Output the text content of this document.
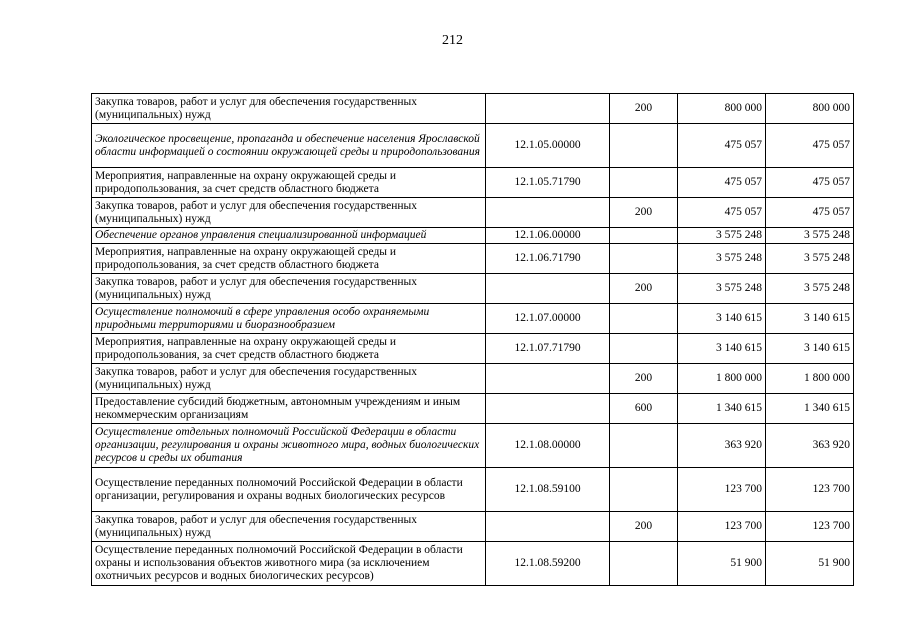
212
Закупка товаров, работ и услуг для обеспечения государственных (муниципальных) нужд		200	800 000	800 000
Экологическое просвещение, пропаганда и обеспечение населения Ярославской области информацией о состоянии окружающей среды и природопользования	12.1.05.00000		475 057	475 057
Мероприятия, направленные на охрану окружающей среды и природопользования, за счет средств областного бюджета	12.1.05.71790		475 057	475 057
Закупка товаров, работ и услуг для обеспечения государственных (муниципальных) нужд		200	475 057	475 057
Обеспечение органов управления специализированной информацией	12.1.06.00000		3 575 248	3 575 248
Мероприятия, направленные на охрану окружающей среды и природопользования, за счет средств областного бюджета	12.1.06.71790		3 575 248	3 575 248
Закупка товаров, работ и услуг для обеспечения государственных (муниципальных) нужд		200	3 575 248	3 575 248
Осуществление полномочий в сфере управления особо охраняемыми природными территориями и биоразнообразием	12.1.07.00000		3 140 615	3 140 615
Мероприятия, направленные на охрану окружающей среды и природопользования, за счет средств областного бюджета	12.1.07.71790		3 140 615	3 140 615
Закупка товаров, работ и услуг для обеспечения государственных (муниципальных) нужд		200	1 800 000	1 800 000
Предоставление субсидий бюджетным, автономным учреждениям и иным некоммерческим организациям		600	1 340 615	1 340 615
Осуществление отдельных полномочий Российской Федерации в области организации, регулирования и охраны животного мира, водных биологических ресурсов и среды их обитания	12.1.08.00000		363 920	363 920
Осуществление переданных полномочий Российской Федерации в области организации, регулирования и охраны водных биологических ресурсов	12.1.08.59100		123 700	123 700
Закупка товаров, работ и услуг для обеспечения государственных (муниципальных) нужд		200	123 700	123 700
Осуществление переданных полномочий Российской Федерации в области охраны и использования объектов животного мира (за исключением охотничьих ресурсов и водных биологических ресурсов)	12.1.08.59200		51 900	51 900
